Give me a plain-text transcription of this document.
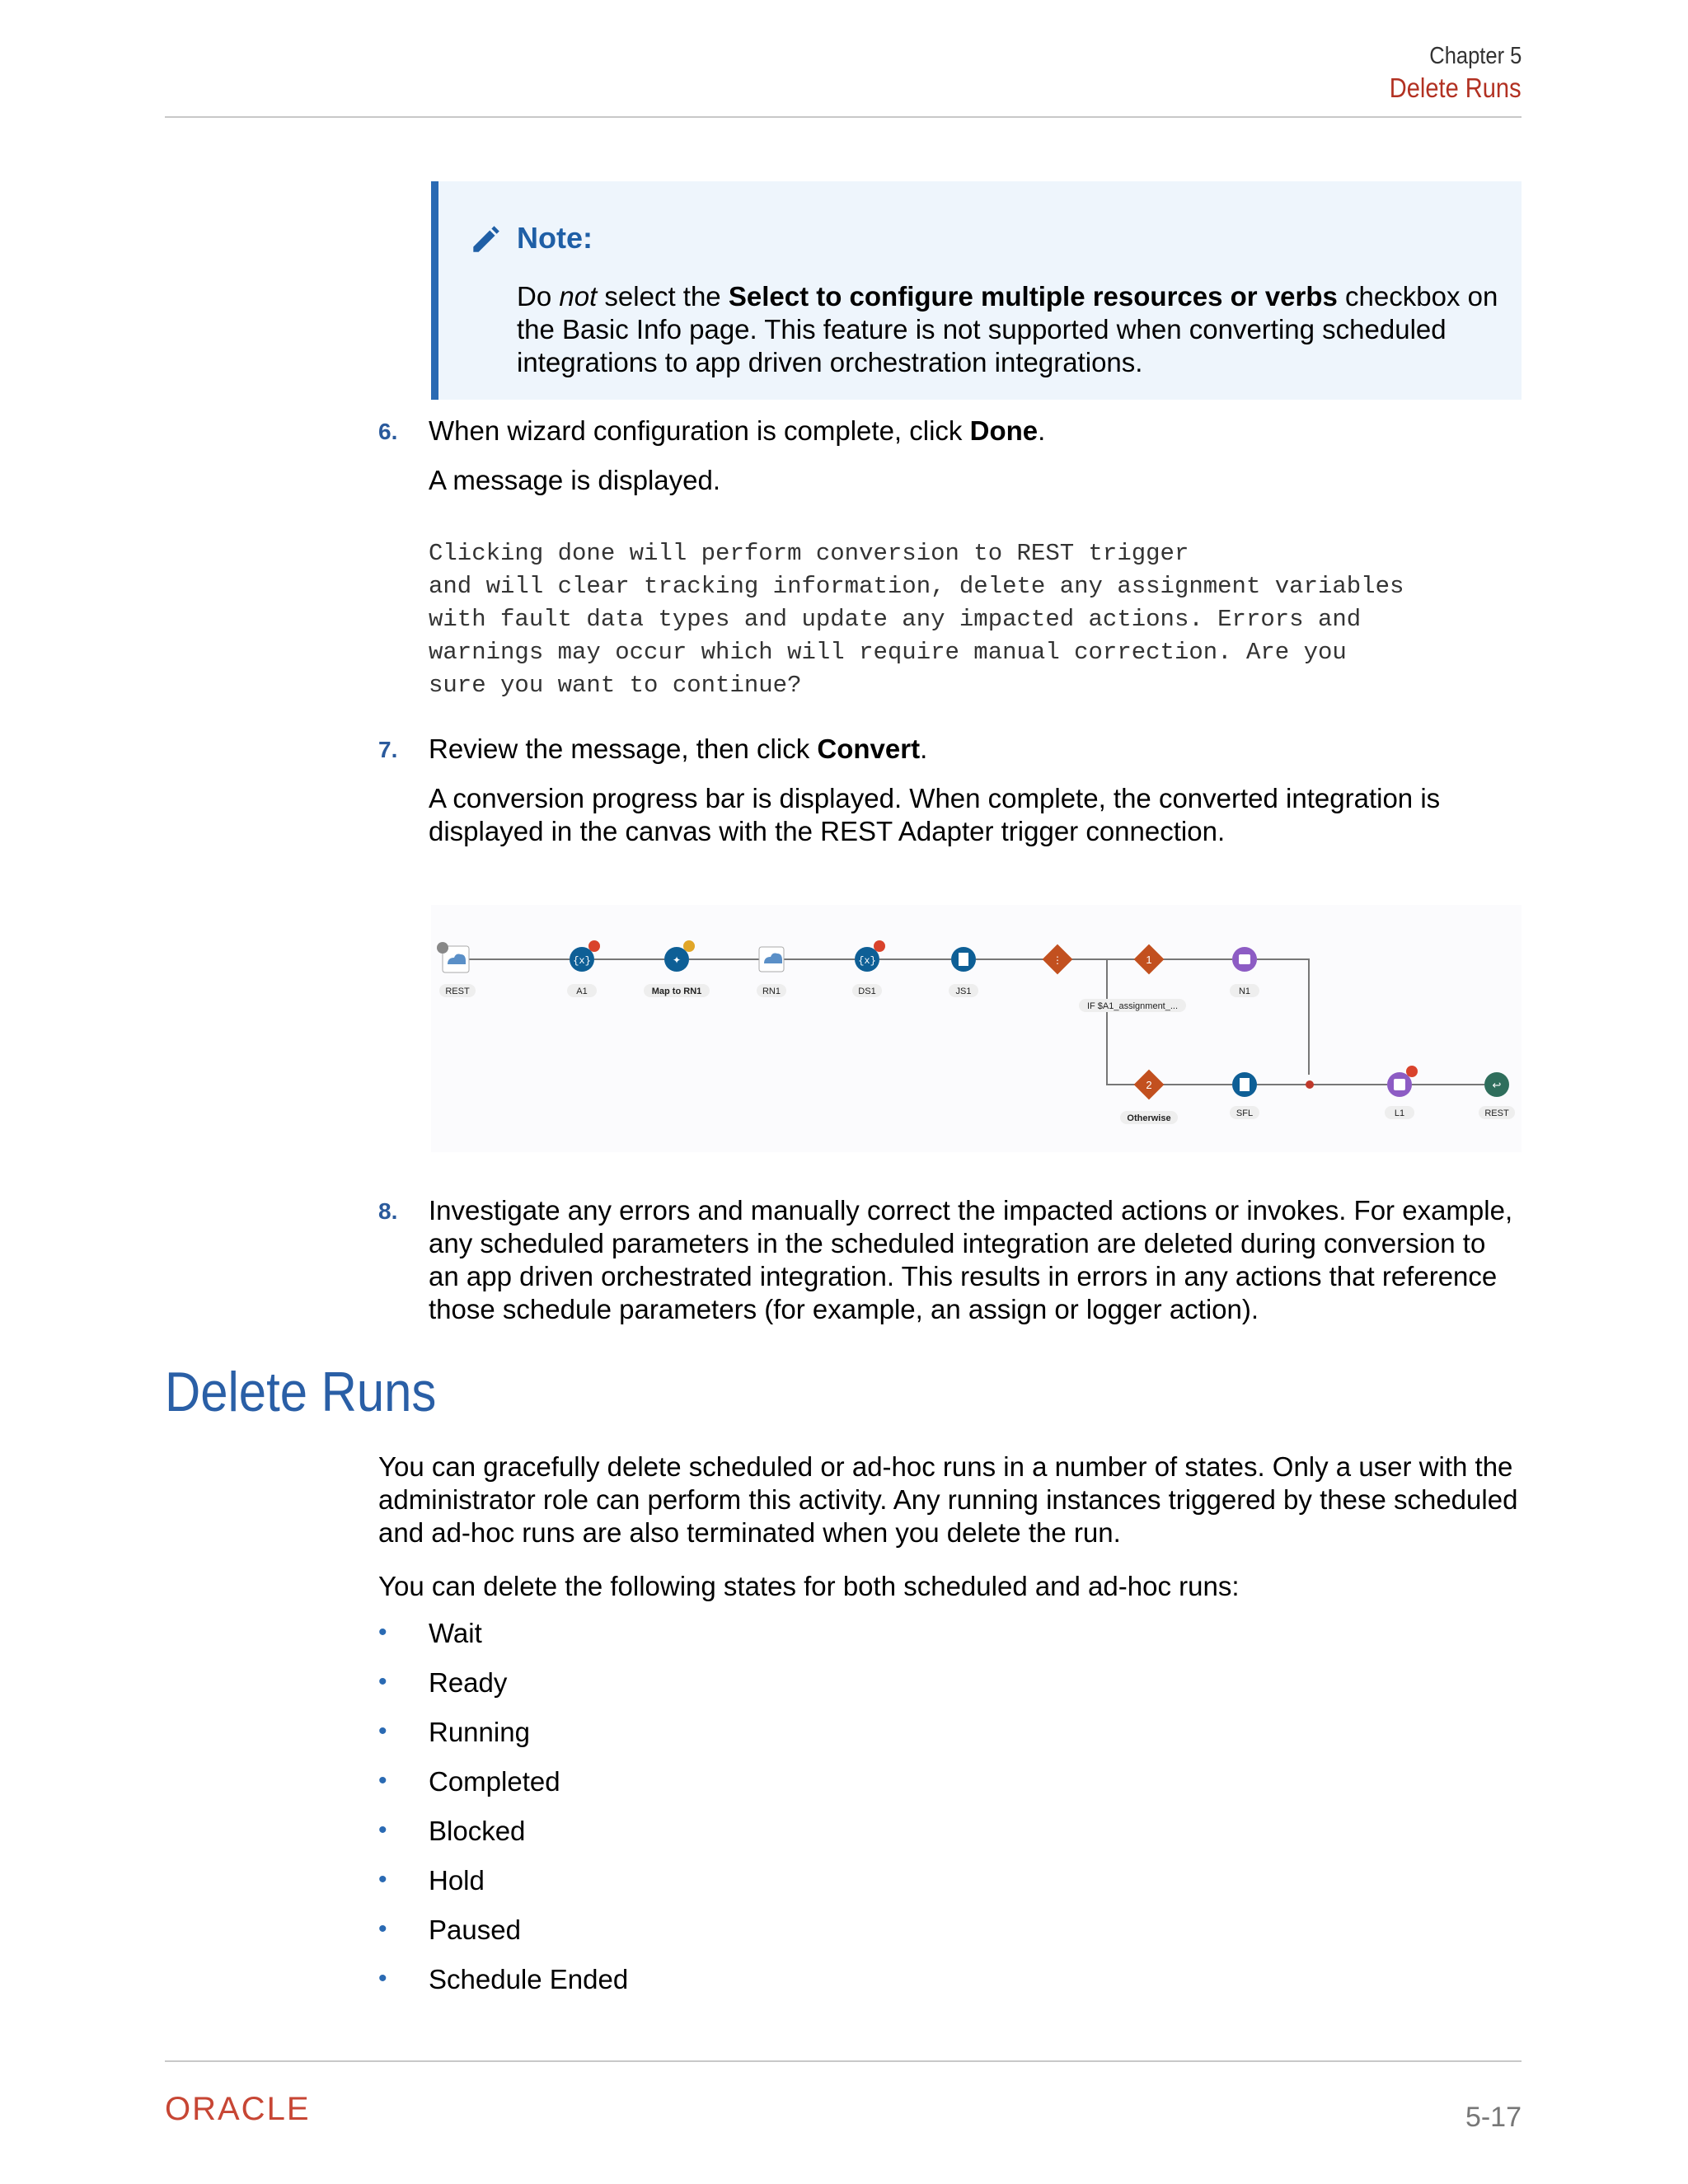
Chapter 5
Delete Runs
Note:
Do not select the Select to configure multiple resources or verbs checkbox on the Basic Info page. This feature is not supported when converting scheduled integrations to app driven orchestration integrations.
6. When wizard configuration is complete, click Done.
A message is displayed.
Clicking done will perform conversion to REST trigger
and will clear tracking information, delete any assignment variables
with fault data types and update any impacted actions. Errors and
warnings may occur which will require manual correction. Are you
sure you want to continue?
7. Review the message, then click Convert.
A conversion progress bar is displayed. When complete, the converted integration is displayed in the canvas with the REST Adapter trigger connection.
REST
{x}
A1
✦
Map to RN1	RN1
{x}
DS1	JS1
⋮	1
IF $A1_assignment_...
N1
2
Otherwise	SFL	L1
↩
REST
8. Investigate any errors and manually correct the impacted actions or invokes. For example, any scheduled parameters in the scheduled integration are deleted during conversion to an app driven orchestrated integration. This results in errors in any actions that reference those schedule parameters (for example, an assign or logger action).
Delete Runs
You can gracefully delete scheduled or ad-hoc runs in a number of states. Only a user with the administrator role can perform this activity. Any running instances triggered by these scheduled and ad-hoc runs are also terminated when you delete the run.
You can delete the following states for both scheduled and ad-hoc runs:
• Wait
• Ready
• Running
• Completed
• Blocked
• Hold
• Paused
• Schedule Ended
ORACLE	5-17
